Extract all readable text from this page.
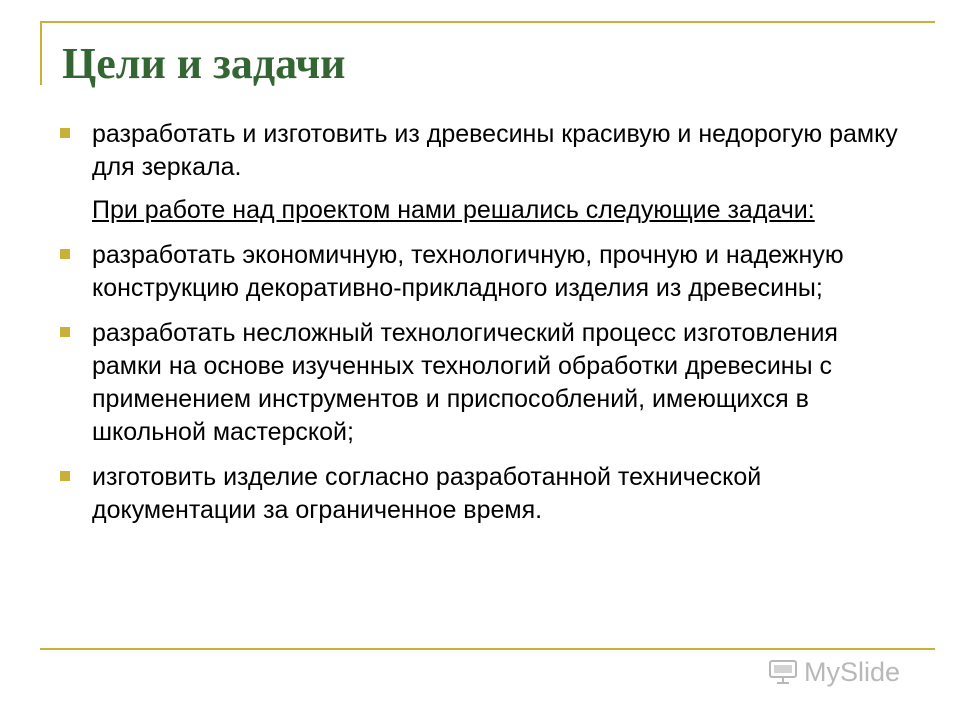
Цели и задачи

разработать и изготовить из древесины красивую и недорогую рамку для зеркала.

При работе над проектом нами решались следующие задачи:

разработать экономичную, технологичную, прочную и надежную конструкцию декоративно-прикладного изделия из древесины;

разработать несложный технологический процесс изготовления рамки на основе изученных технологий обработки древесины с применением инструментов и приспособлений, имеющихся в школьной мастерской;

изготовить изделие согласно разработанной технической документации за ограниченное время.

MySlide
